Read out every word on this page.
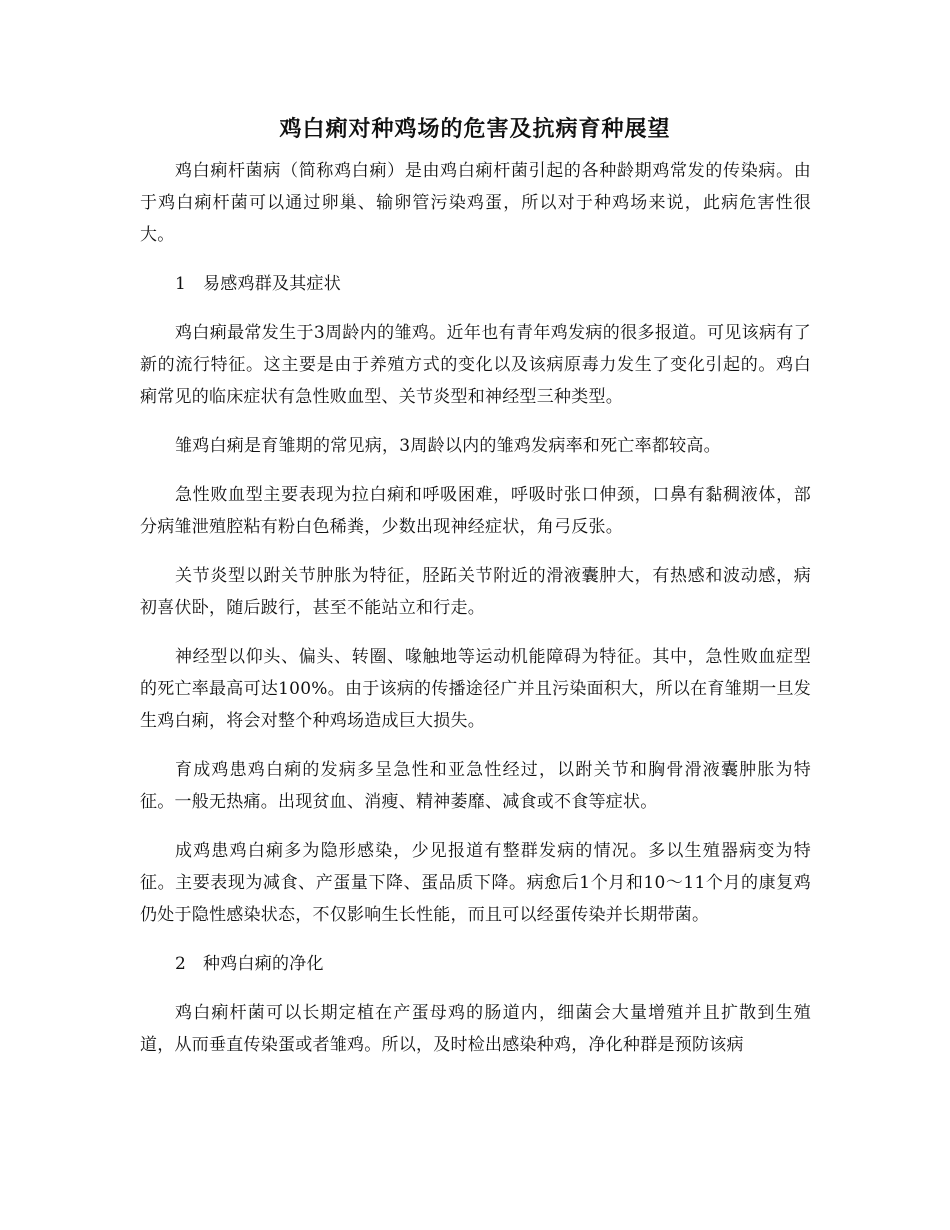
鸡白痢对种鸡场的危害及抗病育种展望

鸡白痢杆菌病（简称鸡白痢）是由鸡白痢杆菌引起的各种龄期鸡常发的传染病。由于鸡白痢杆菌可以通过卵巢、输卵管污染鸡蛋，所以对于种鸡场来说，此病危害性很大。

1 易感鸡群及其症状

鸡白痢最常发生于3周龄内的雏鸡。近年也有青年鸡发病的很多报道。可见该病有了新的流行特征。这主要是由于养殖方式的变化以及该病原毒力发生了变化引起的。鸡白痢常见的临床症状有急性败血型、关节炎型和神经型三种类型。

雏鸡白痢是育雏期的常见病，3周龄以内的雏鸡发病率和死亡率都较高。

急性败血型主要表现为拉白痢和呼吸困难，呼吸时张口伸颈，口鼻有黏稠液体，部分病雏泄殖腔粘有粉白色稀粪，少数出现神经症状，角弓反张。

关节炎型以跗关节肿胀为特征，胫跖关节附近的滑液囊肿大，有热感和波动感，病初喜伏卧，随后跛行，甚至不能站立和行走。

神经型以仰头、偏头、转圈、喙触地等运动机能障碍为特征。其中，急性败血症型的死亡率最高可达100%。由于该病的传播途径广并且污染面积大，所以在育雏期一旦发生鸡白痢，将会对整个种鸡场造成巨大损失。

育成鸡患鸡白痢的发病多呈急性和亚急性经过，以跗关节和胸骨滑液囊肿胀为特征。一般无热痛。出现贫血、消瘦、精神萎靡、减食或不食等症状。

成鸡患鸡白痢多为隐形感染，少见报道有整群发病的情况。多以生殖器病变为特征。主要表现为减食、产蛋量下降、蛋品质下降。病愈后1个月和10～11个月的康复鸡仍处于隐性感染状态，不仅影响生长性能，而且可以经蛋传染并长期带菌。

2 种鸡白痢的净化

鸡白痢杆菌可以长期定植在产蛋母鸡的肠道内，细菌会大量增殖并且扩散到生殖道，从而垂直传染蛋或者雏鸡。所以，及时检出感染种鸡，净化种群是预防该病
